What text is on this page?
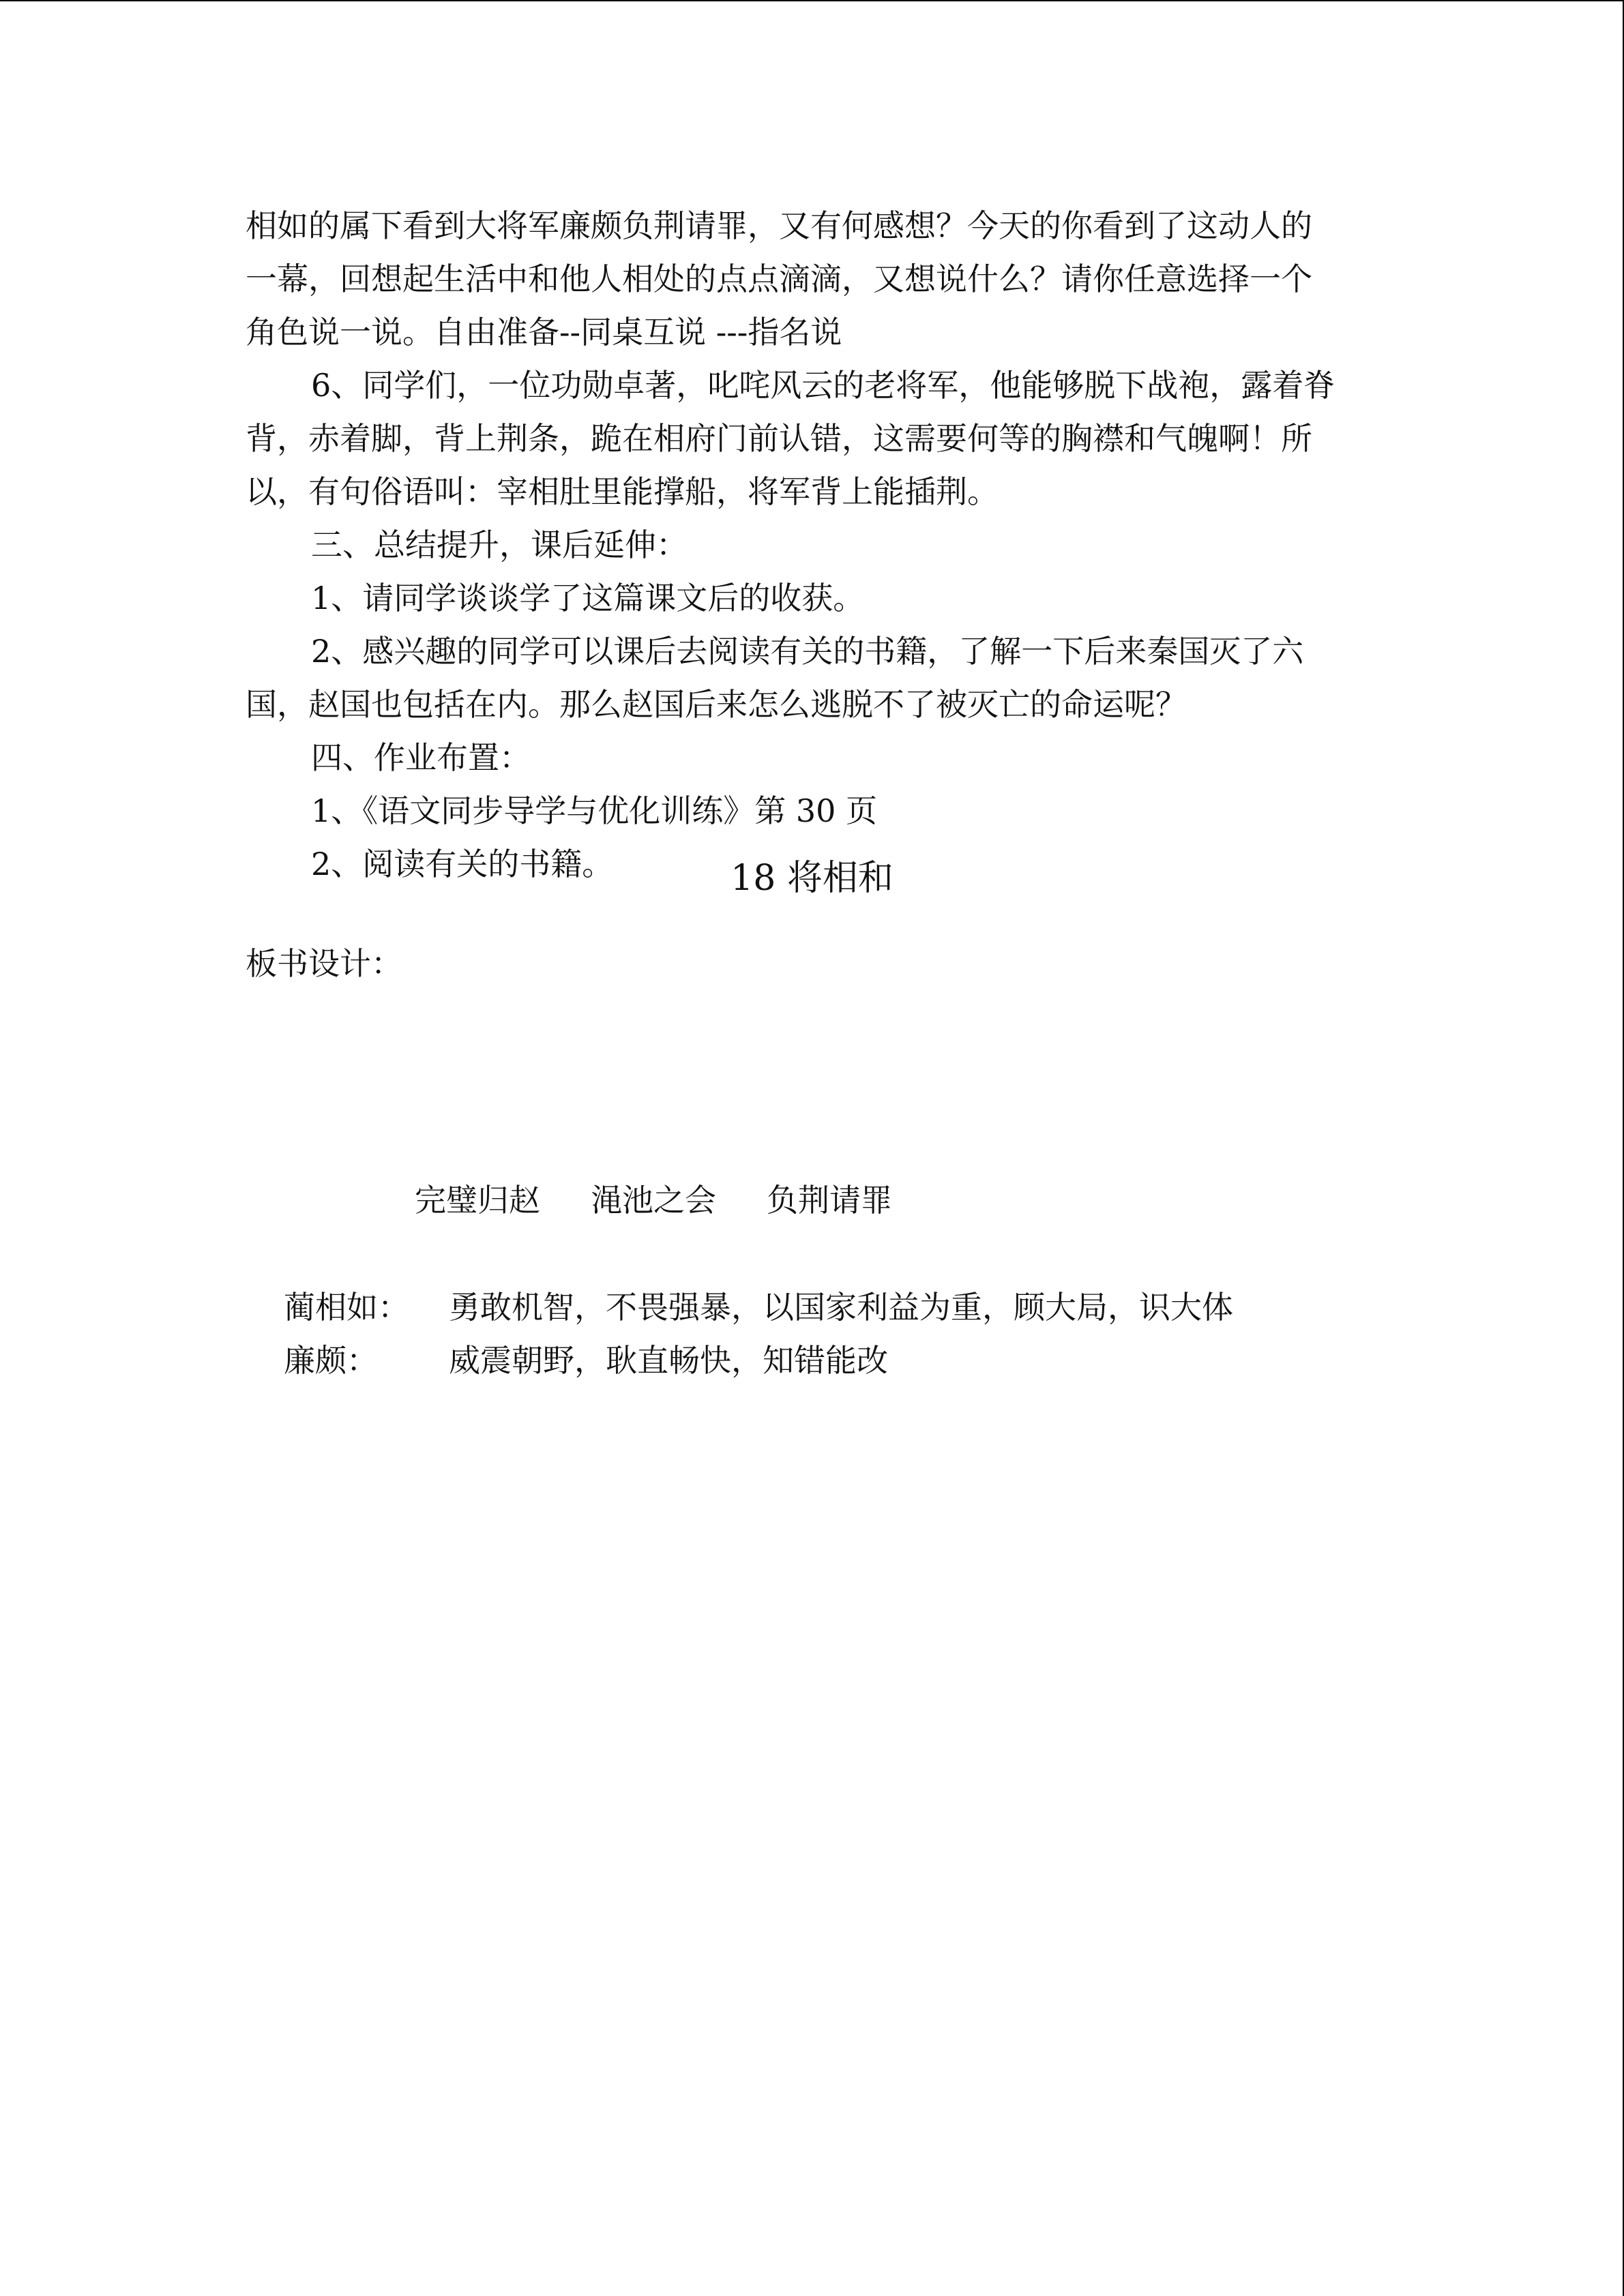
相如的属下看到大将军廉颇负荆请罪，又有何感想？今天的你看到了这动人的
一幕，回想起生活中和他人相处的点点滴滴，又想说什么？请你任意选择一个
角色说一说。自由准备--同桌互说 ---指名说
6、同学们，一位功勋卓著，叱咤风云的老将军，他能够脱下战袍，露着脊
背，赤着脚，背上荆条，跪在相府门前认错，这需要何等的胸襟和气魄啊！所
以，有句俗语叫：宰相肚里能撑船，将军背上能插荆。
三、总结提升，课后延伸：
1、请同学谈谈学了这篇课文后的收获。
2、感兴趣的同学可以课后去阅读有关的书籍，了解一下后来秦国灭了六
国，赵国也包括在内。那么赵国后来怎么逃脱不了被灭亡的命运呢？
四、作业布置：
1、《语文同步导学与优化训练》第 30 页
2、阅读有关的书籍。
板书设计：
18 将相和
完璧归赵 渑池之会 负荆请罪
蔺相如：	勇敢机智，不畏强暴，以国家利益为重，顾大局，识大体
廉颇：	威震朝野，耿直畅快，知错能改
